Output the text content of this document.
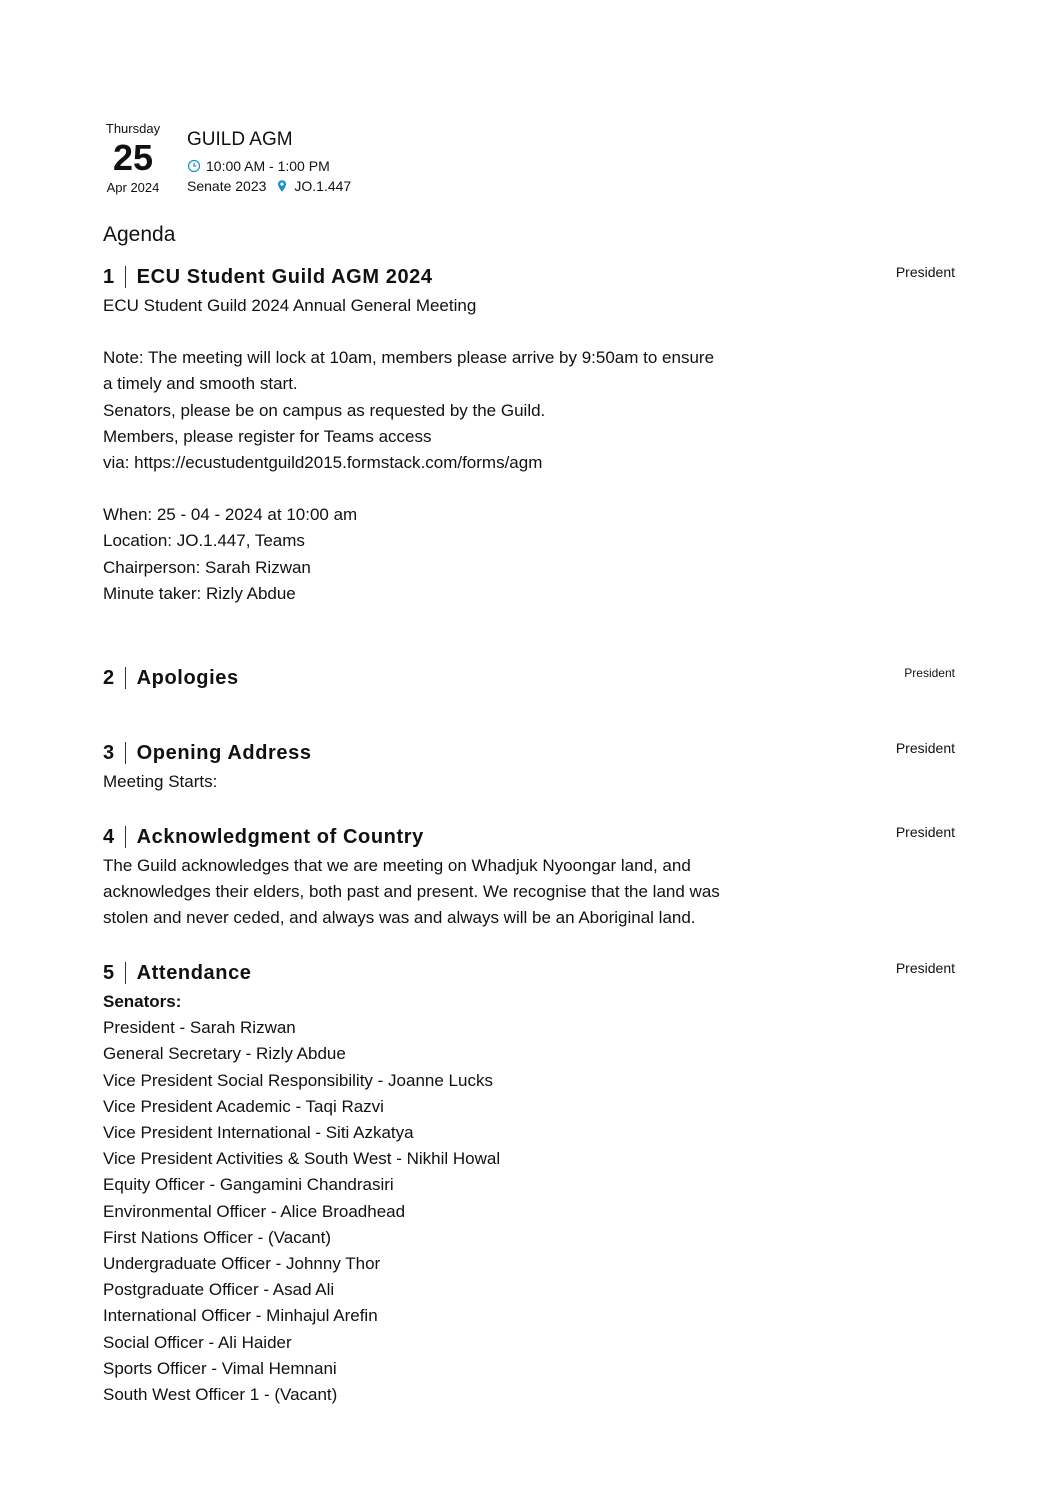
Thursday
25
Apr 2024
GUILD AGM
10:00 AM - 1:00 PM
Senate 2023 JO.1.447
Agenda
1 ECU Student Guild AGM 2024	President

ECU Student Guild 2024 Annual General Meeting

Note: The meeting will lock at 10am, members please arrive by 9:50am to ensure

a timely and smooth start.

Senators, please be on campus as requested by the Guild.

Members, please register for Teams access

via: https://ecustudentguild2015.formstack.com/forms/agm

When: 25 - 04 - 2024 at 10:00 am

Location: JO.1.447, Teams

Chairperson: Sarah Rizwan

Minute taker: Rizly Abdue

2 Apologies	President
3 Opening Address	President

Meeting Starts:

4 Acknowledgment of Country	President

The Guild acknowledges that we are meeting on Whadjuk Nyoongar land, and

acknowledges their elders, both past and present. We recognise that the land was

stolen and never ceded, and always was and always will be an Aboriginal land.

5 Attendance	President

Senators:

President - Sarah Rizwan

General Secretary - Rizly Abdue

Vice President Social Responsibility - Joanne Lucks

Vice President Academic - Taqi Razvi

Vice President International - Siti Azkatya

Vice President Activities & South West - Nikhil Howal

Equity Officer - Gangamini Chandrasiri

Environmental Officer - Alice Broadhead

First Nations Officer - (Vacant)

Undergraduate Officer - Johnny Thor

Postgraduate Officer - Asad Ali

International Officer - Minhajul Arefin

Social Officer - Ali Haider

Sports Officer - Vimal Hemnani

South West Officer 1 - (Vacant)
